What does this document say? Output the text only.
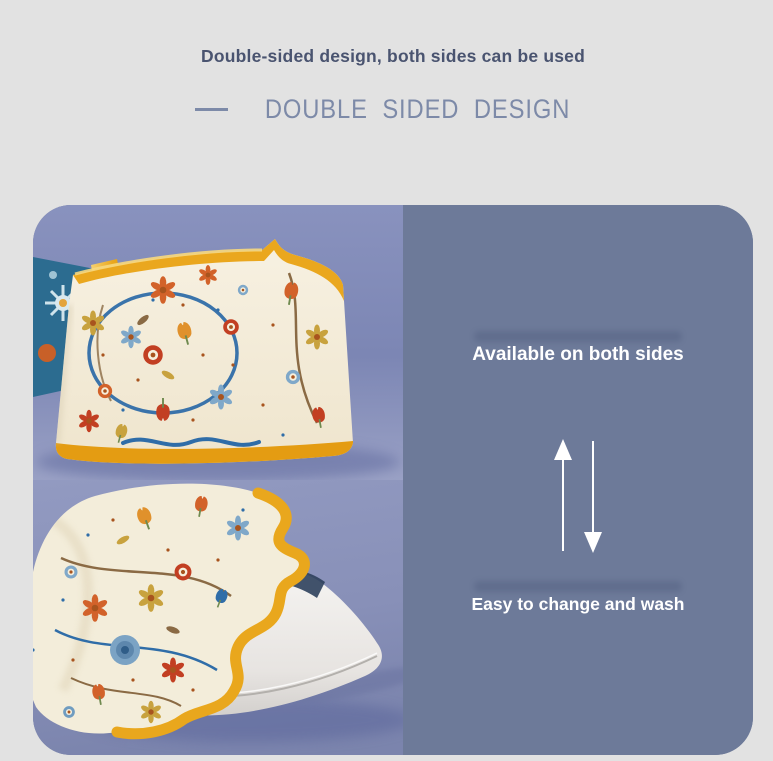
Double-sided design, both sides can be used
DOUBLE SIDED DESIGN
Available on both sides
Easy to change and wash
